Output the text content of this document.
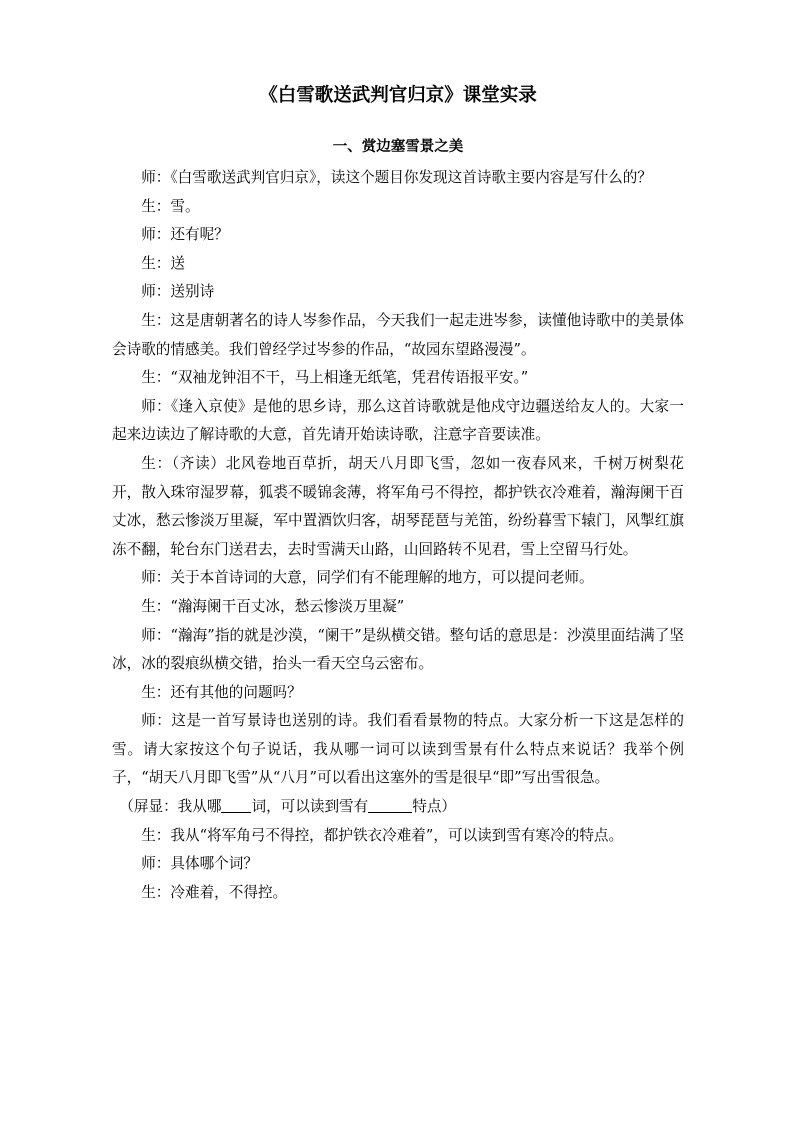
《白雪歌送武判官归京》课堂实录
一、赏边塞雪景之美

师：《白雪歌送武判官归京》，读这个题目你发现这首诗歌主要内容是写什么的？

生：雪。

师：还有呢？

生：送

师：送别诗

生：这是唐朝著名的诗人岑参作品，今天我们一起走进岑参，读懂他诗歌中的美景体会诗歌的情感美。我们曾经学过岑参的作品，“故园东望路漫漫”。

生：“双袖龙钟泪不干，马上相逢无纸笔，凭君传语报平安。”

师：《逢入京使》是他的思乡诗，那么这首诗歌就是他戍守边疆送给友人的。大家一起来边读边了解诗歌的大意，首先请开始读诗歌，注意字音要读准。

生：（齐读）北风卷地百草折，胡天八月即飞雪，忽如一夜春风来，千树万树梨花开，散入珠帘湿罗幕，狐裘不暖锦衾薄，将军角弓不得控，都护铁衣冷难着，瀚海阑干百丈冰，愁云惨淡万里凝，军中置酒饮归客，胡琴琵琶与羌笛，纷纷暮雪下辕门，风掣红旗冻不翻，轮台东门送君去，去时雪满天山路，山回路转不见君，雪上空留马行处。

师：关于本首诗词的大意，同学们有不能理解的地方，可以提问老师。

生：“瀚海阑干百丈冰，愁云惨淡万里凝”

师：“瀚海”指的就是沙漠，“阑干”是纵横交错。整句话的意思是：沙漠里面结满了坚冰，冰的裂痕纵横交错，抬头一看天空乌云密布。

生：还有其他的问题吗？

师：这是一首写景诗也送别的诗。我们看看景物的特点。大家分析一下这是怎样的雪。请大家按这个句子说话，我从哪一词可以读到雪景有什么特点来说话？我举个例子，“胡天八月即飞雪”从“八月”可以看出这塞外的雪是很早“即”写出雪很急。

（屏显：我从哪 词，可以读到雪有	特点）

生：我从“将军角弓不得控，都护铁衣冷难着”，可以读到雪有寒冷的特点。

师：具体哪个词？

生：冷难着，不得控。
